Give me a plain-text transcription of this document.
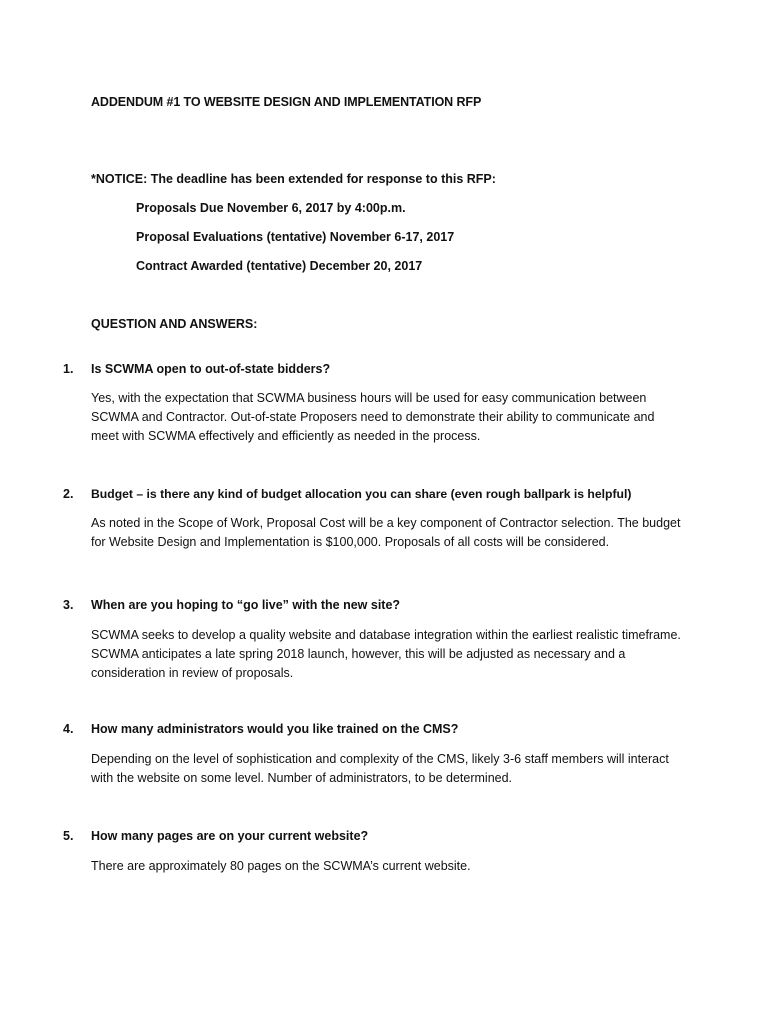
ADDENDUM #1 TO WEBSITE DESIGN AND IMPLEMENTATION RFP
*NOTICE: The deadline has been extended for response to this RFP:
Proposals Due November 6, 2017 by 4:00p.m.
Proposal Evaluations (tentative) November 6-17, 2017
Contract Awarded (tentative) December 20, 2017
QUESTION AND ANSWERS:
1. Is SCWMA open to out-of-state bidders?
Yes, with the expectation that SCWMA business hours will be used for easy communication between SCWMA and Contractor. Out-of-state Proposers need to demonstrate their ability to communicate and meet with SCWMA effectively and efficiently as needed in the process.
2. Budget – is there any kind of budget allocation you can share (even rough ballpark is helpful)
As noted in the Scope of Work, Proposal Cost will be a key component of Contractor selection. The budget for Website Design and Implementation is $100,000. Proposals of all costs will be considered.
3. When are you hoping to “go live” with the new site?
SCWMA seeks to develop a quality website and database integration within the earliest realistic timeframe. SCWMA anticipates a late spring 2018 launch, however, this will be adjusted as necessary and a consideration in review of proposals.
4. How many administrators would you like trained on the CMS?
Depending on the level of sophistication and complexity of the CMS, likely 3-6 staff members will interact with the website on some level. Number of administrators, to be determined.
5. How many pages are on your current website?
There are approximately 80 pages on the SCWMA’s current website.
